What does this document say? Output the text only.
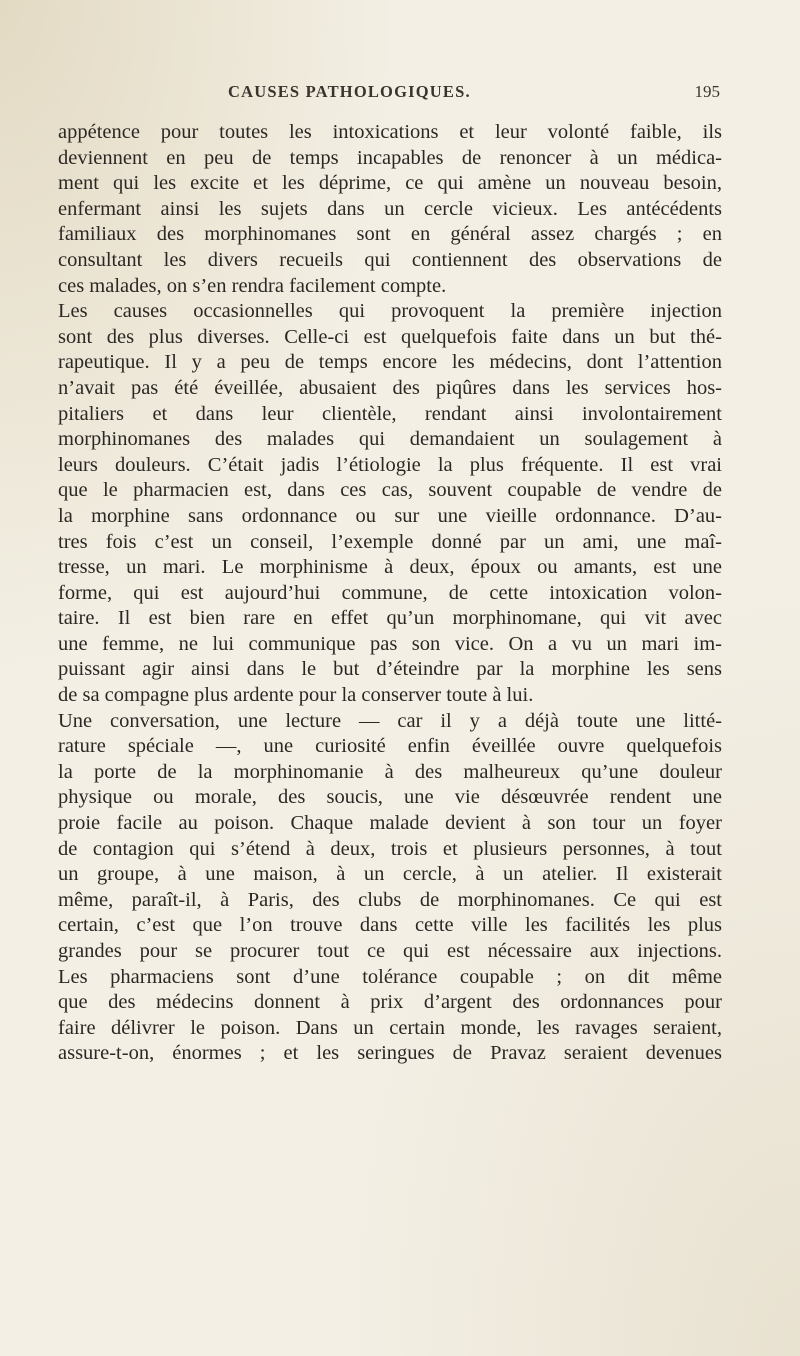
CAUSES PATHOLOGIQUES.	195
appétence pour toutes les intoxications et leur volonté faible, ils
deviennent en peu de temps incapables de renoncer à un médica-
ment qui les excite et les déprime, ce qui amène un nouveau besoin,
enfermant ainsi les sujets dans un cercle vicieux. Les antécédents
familiaux des morphinomanes sont en général assez chargés ; en
consultant les divers recueils qui contiennent des observations de
ces malades, on s’en rendra facilement compte.
Les causes occasionnelles qui provoquent la première injection
sont des plus diverses. Celle-ci est quelquefois faite dans un but thé-
rapeutique. Il y a peu de temps encore les médecins, dont l’attention
n’avait pas été éveillée, abusaient des piqûres dans les services hos-
pitaliers et dans leur clientèle, rendant ainsi involontairement
morphinomanes des malades qui demandaient un soulagement à
leurs douleurs. C’était jadis l’étiologie la plus fréquente. Il est vrai
que le pharmacien est, dans ces cas, souvent coupable de vendre de
la morphine sans ordonnance ou sur une vieille ordonnance. D’au-
tres fois c’est un conseil, l’exemple donné par un ami, une maî-
tresse, un mari. Le morphinisme à deux, époux ou amants, est une
forme, qui est aujourd’hui commune, de cette intoxication volon-
taire. Il est bien rare en effet qu’un morphinomane, qui vit avec
une femme, ne lui communique pas son vice. On a vu un mari im-
puissant agir ainsi dans le but d’éteindre par la morphine les sens
de sa compagne plus ardente pour la conserver toute à lui.
Une conversation, une lecture — car il y a déjà toute une litté-
rature spéciale —, une curiosité enfin éveillée ouvre quelquefois
la porte de la morphinomanie à des malheureux qu’une douleur
physique ou morale, des soucis, une vie désœuvrée rendent une
proie facile au poison. Chaque malade devient à son tour un foyer
de contagion qui s’étend à deux, trois et plusieurs personnes, à tout
un groupe, à une maison, à un cercle, à un atelier. Il existerait
même, paraît-il, à Paris, des clubs de morphinomanes. Ce qui est
certain, c’est que l’on trouve dans cette ville les facilités les plus
grandes pour se procurer tout ce qui est nécessaire aux injections.
Les pharmaciens sont d’une tolérance coupable ; on dit même
que des médecins donnent à prix d’argent des ordonnances pour
faire délivrer le poison. Dans un certain monde, les ravages seraient,
assure-t-on, énormes ; et les seringues de Pravaz seraient devenues
